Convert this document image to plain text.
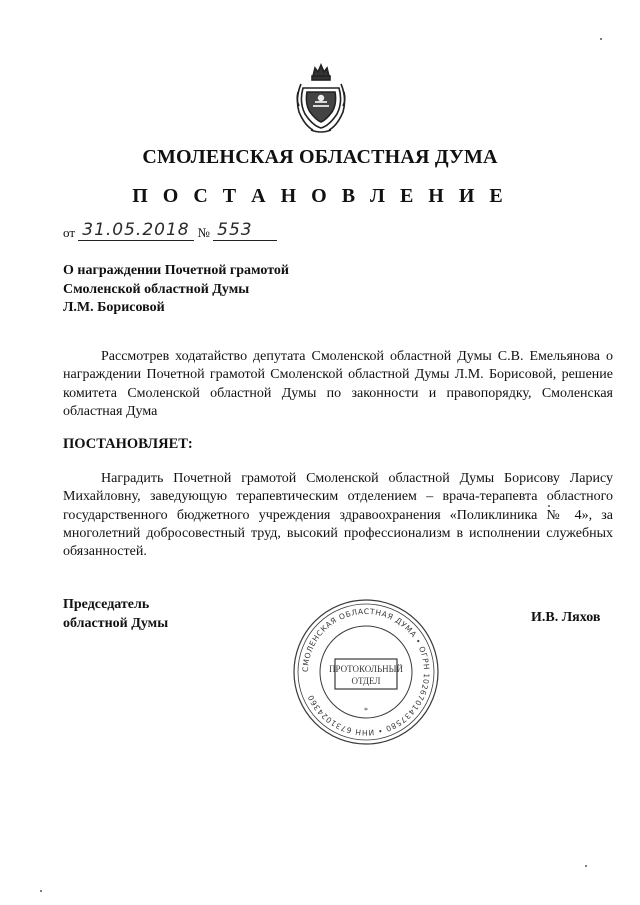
СМОЛЕНСКАЯ ОБЛАСТНАЯ ДУМА
П О С Т А Н О В Л Е Н И Е
от 31.05.2018 № 553
О награждении Почетной грамотой
Смоленской областной Думы
Л.М. Борисовой
Рассмотрев ходатайство депутата Смоленской областной Думы С.В. Емельянова о награждении Почетной грамотой Смоленской областной Думы Л.М. Борисовой, решение комитета Смоленской областной Думы по законности и правопорядку, Смоленская областная Дума
ПОСТАНОВЛЯЕТ:
Наградить Почетной грамотой Смоленской областной Думы Борисову Ларису Михайловну, заведующую терапевтическим отделением – врача-терапевта областного государственного бюджетного учреждения здравоохранения «Поликлиника № 4», за многолетний добросовестный труд, высокий профессионализм в исполнении служебных обязанностей.
Председатель
областной Думы	И.В. Ляхов
СМОЛЕНСКАЯ ОБЛАСТНАЯ ДУМА • ОГРН 1026701437580 • ИНН 6731024360
ПРОТОКОЛЬНЫЙ
ОТДЕЛ
*
